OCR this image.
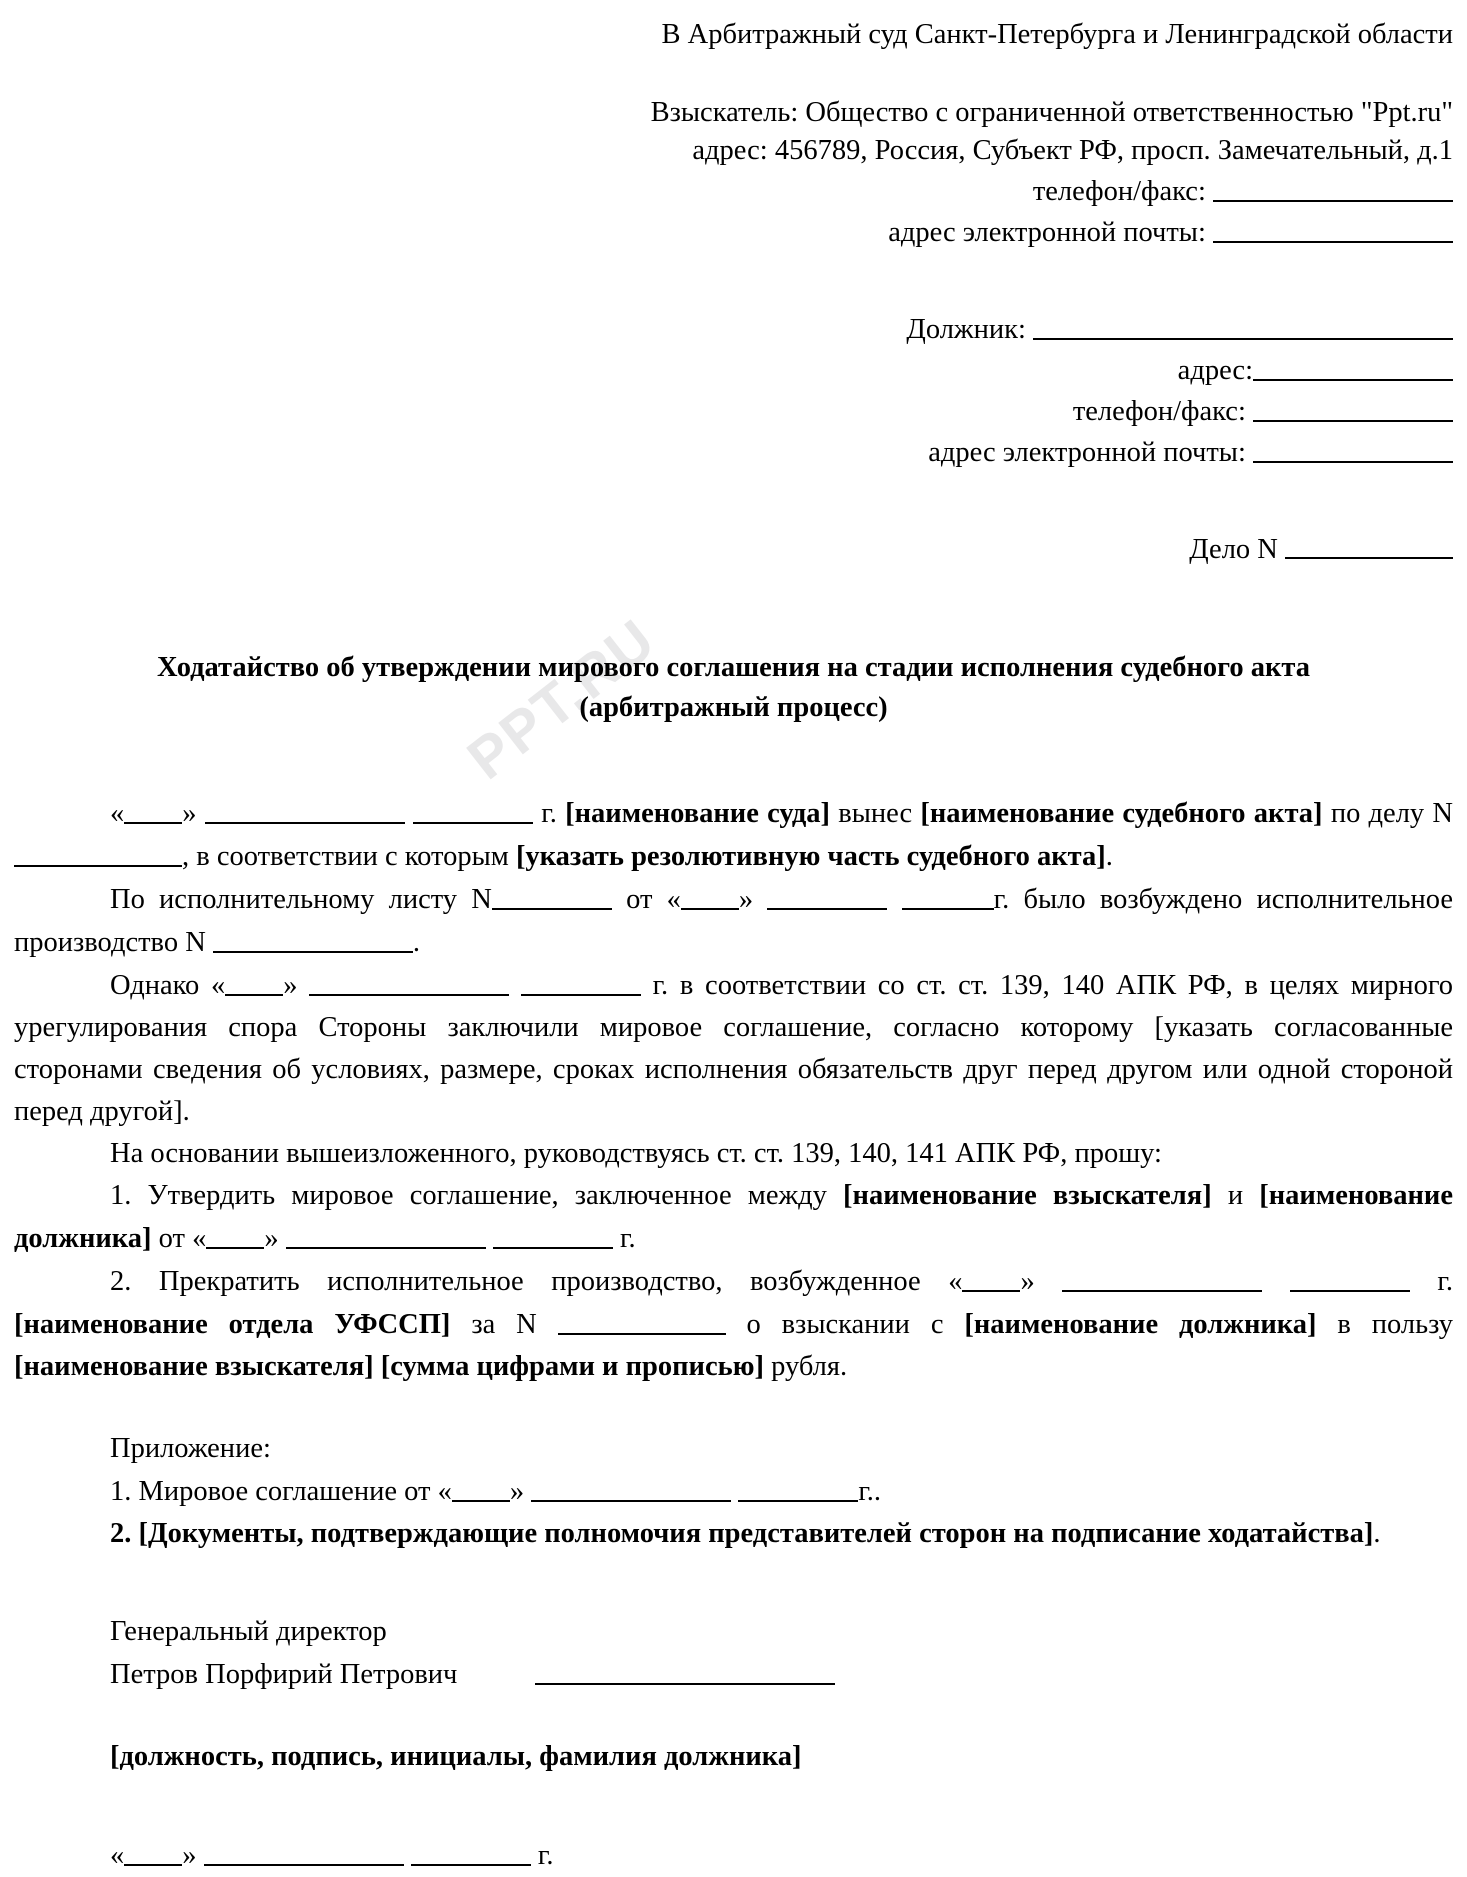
PPT.RU
В Арбитражный суд Санкт-Петербурга и Ленинградской области
Взыскатель: Общество с ограниченной ответственностью "Ppt.ru"
адрес: 456789, Россия, Субъект РФ, просп. Замечательный, д.1
телефон/факс:
адрес электронной почты:
Должник:
адрес:
телефон/факс:
адрес электронной почты:
Дело N
Ходатайство об утверждении мирового соглашения на стадии исполнения судебного акта
(арбитражный процесс)

« »	г. [наименование суда] вынес [наименование судебного акта] по делу N , в соответствии с которым [указать резолютивную часть судебного акта].

По исполнительному листу N	от « »	г. было возбуждено исполнительное производство N	.

Однако « »	г. в соответствии со ст. ст. 139, 140 АПК РФ, в целях мирного урегулирования спора Стороны заключили мировое соглашение, согласно которому [указать согласованные сторонами сведения об условиях, размере, сроках исполнения обязательств друг перед другом или одной стороной перед другой].

На основании вышеизложенного, руководствуясь ст. ст. 139, 140, 141 АПК РФ, прошу:

1. Утвердить мировое соглашение, заключенное между [наименование взыскателя] и [наименование должника] от « »	г.

2. Прекратить исполнительное производство, возбужденное « »	г. [наименование отдела УФССП] за N	о взыскании с [наименование должника] в пользу [наименование взыскателя] [сумма цифрами и прописью] рубля.

Приложение:

1. Мировое соглашение от « »	г..

2. [Документы, подтверждающие полномочия представителей сторон на подписание ходатайства].

Генеральный директор
Петров Порфирий Петрович
[должность, подпись, инициалы, фамилия должника]
« »	г.
